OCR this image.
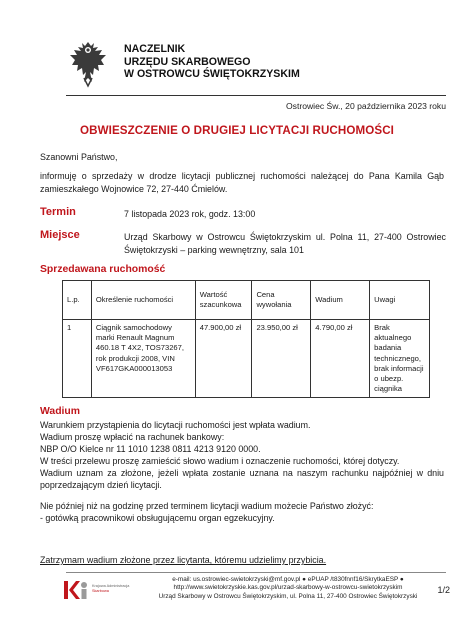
NACZELNIK
URZĘDU SKARBOWEGO
W OSTROWCU ŚWIĘTOKRZYSKIM
Ostrowiec Św., 20 października 2023 roku
OBWIESZCZENIE O DRUGIEJ LICYTACJI RUCHOMOŚCI
Szanowni Państwo,
informuję o sprzedaży w drodze licytacji publicznej ruchomości należącej do Pana Kamila Gąb zamieszkałego Wojnowice 72, 27-440 Ćmielów.
Termin	7 listopada 2023 rok, godz. 13:00
Miejsce	Urząd Skarbowy w Ostrowcu Świętokrzyskim ul. Polna 11, 27-400 Ostrowiec Świętokrzyski – parking wewnętrzny, sala 101
Sprzedawana ruchomość
L.p.	Określenie ruchomości	Wartość szacunkowa	Cena wywołania	Wadium	Uwagi
1	Ciągnik samochodowy marki Renault Magnum 460.18 T 4X2, TOS73267, rok produkcji 2008, VIN VF617GKA000013053	47.900,00 zł	23.950,00 zł	4.790,00 zł	Brak aktualnego badania technicznego, brak informacji o ubezp. ciągnika
Wadium

Warunkiem przystąpienia do licytacji ruchomości jest wpłata wadium.

Wadium proszę wpłacić na rachunek bankowy:

NBP O/O Kielce nr 11 1010 1238 0811 4213 9120 0000.

W treści przelewu proszę zamieścić słowo wadium i oznaczenie ruchomości, której dotyczy.

Wadium uznam za złożone, jeżeli wpłata zostanie uznana na naszym rachunku najpóźniej w dniu poprzedzającym dzień licytacji.

Nie później niż na godzinę przed terminem licytacji wadium możecie Państwo złożyć:

- gotówką pracownikowi obsługującemu organ egzekucyjny.

Zatrzymam wadium złożone przez licytanta, któremu udzielimy przybicia.
Krajowa Administracja
Skarbowa
e-mail: us.ostrowiec-swietokrzyski@mf.gov.pl ● ePUAP /t830fnnf16/SkrytkaESP ●
http://www.swietokrzyskie.kas.gov.pl/urzad-skarbowy-w-ostrowcu-swietokrzyskim
Urząd Skarbowy w Ostrowcu Świętokrzyskim, ul. Polna 11, 27-400 Ostrowiec Świętokrzyski
1/2
